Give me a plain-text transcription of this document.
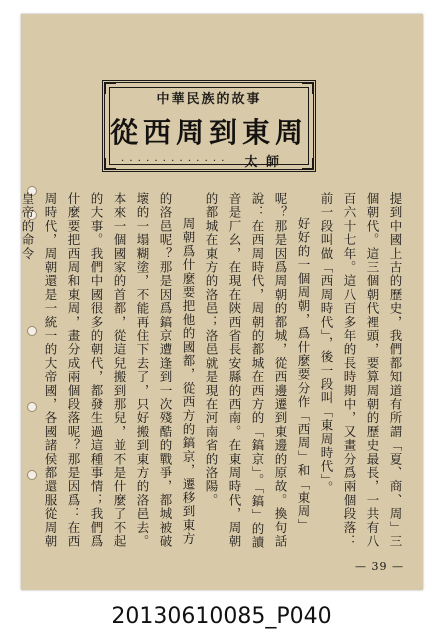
中華民族的故事
從西周到東周
· · · · · · · · · · · · · 太 師

提到中國上古的歷史，我們都知道有所謂「夏、商、周」三個朝代。這三個朝代裡頭，要算周朝的歷史最長，一共有八百六十七年。這八百多年的長時期中，又畫分爲兩個段落：前一段叫做「西周時代」，後一段叫「東周時代」。

好好的一個周朝，爲什麼要分作「西周」和「東周」呢？那是因爲周朝的都城，從西邊遷到東邊的原故。換句話說：在西周時代，周朝的都城在西方的「鎬京」。「鎬」的讀音是厂幺，在現在陝西省長安縣的西南。在東周時代，周朝的都城在東方的洛邑；洛邑就是現在河南省的洛陽。

周朝爲什麼要把他的國都，從西方的鎬京，遷移到東方的洛邑呢？那是因爲鎬京遭逢到一次殘酷的戰爭，都城被破壞的一塌糊塗，不能再住下去了，只好搬到東方的洛邑去。本來一個國家的首都，從這兒搬到那兒，並不是什麼了不起的大事。我們中國很多的朝代，都發生過這種事情；我們爲什麼要把西周和東周，畫分成兩個段落呢？那是因爲：在西周時代，周朝還是一統一的大帝國，各國諸侯都還服從周朝皇帝的命令

— 39 —
20130610085_P040
